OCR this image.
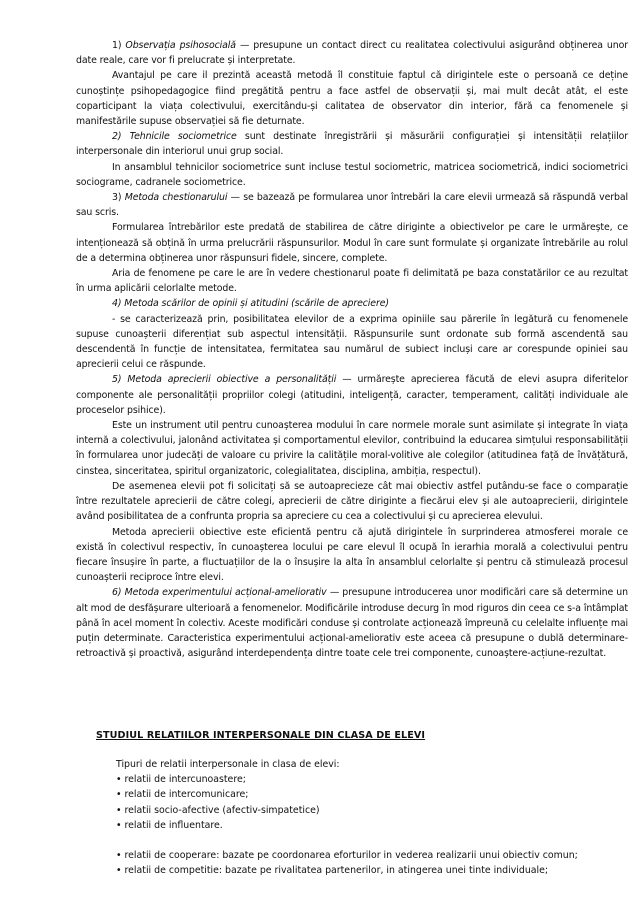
1) Observația psihosocială — presupune un contact direct cu realitatea colectivului asigurând obținerea unor date reale, care vor fi prelucrate și interpretate.

Avantajul pe care il prezintă această metodă îl constituie faptul că dirigintele este o persoană ce deține cunoștințe psihopedagogice fiind pregătită pentru a face astfel de observații și, mai mult decât atât, el este coparticipant la viața colectivului, exercitându-și calitatea de observator din interior, fără ca fenomenele și manifestările supuse observației să fie deturnate.

2) Tehnicile sociometrice sunt destinate înregistrării și măsurării configurației și intensității relațiilor interpersonale din interiorul unui grup social.

In ansamblul tehnicilor sociometrice sunt incluse testul sociometric, matricea sociometrică, indici sociometrici sociograme, cadranele sociometrice.

3) Metoda chestionarului — se bazează pe formularea unor întrebări la care elevii urmează să răspundă verbal sau scris.

Formularea întrebărilor este predată de stabilirea de către diriginte a obiectivelor pe care le urmărește, ce intenționează să obțină în urma prelucrării răspunsurilor. Modul în care sunt formulate și organizate întrebările au rolul de a determina obținerea unor răspunsuri fidele, sincere, complete.

Aria de fenomene pe care le are în vedere chestionarul poate fi delimitată pe baza constatărilor ce au rezultat în urma aplicării celorlalte metode.

4) Metoda scărilor de opinii și atitudini (scările de apreciere)

- se caracterizează prin, posibilitatea elevilor de a exprima opiniile sau părerile în legătură cu fenomenele supuse cunoașterii diferențiat sub aspectul intensității. Răspunsurile sunt ordonate sub formă ascendentă sau descendentă în funcție de intensitatea, fermitatea sau numărul de subiect incluși care ar corespunde opiniei sau aprecierii celui ce răspunde.

5) Metoda aprecierii obiective a personalității — urmărește aprecierea făcută de elevi asupra diferitelor componente ale personalității propriilor colegi (atitudini, inteligență, caracter, temperament, calități individuale ale proceselor psihice).

Este un instrument util pentru cunoașterea modului în care normele morale sunt asimilate și integrate în viața internă a colectivului, jalonând activitatea și comportamentul elevilor, contribuind la educarea simțului responsabilității în formularea unor judecăți de valoare cu privire la calitățile moral-volitive ale colegilor (atitudinea față de învățătură, cinstea, sinceritatea, spiritul organizatoric, colegialitatea, disciplina, ambiția, respectul).

De asemenea elevii pot fi solicitați să se autoaprecieze cât mai obiectiv astfel putându-se face o comparație între rezultatele aprecierii de către colegi, aprecierii de către diriginte a fiecărui elev și ale autoaprecierii, dirigintele având posibilitatea de a confrunta propria sa apreciere cu cea a colectivului și cu aprecierea elevului.

Metoda aprecierii obiective este eficientă pentru că ajută dirigintele în surprinderea atmosferei morale ce există în colectivul respectiv, în cunoașterea locului pe care elevul îl ocupă în ierarhia morală a colectivului pentru fiecare însușire în parte, a fluctuațiilor de la o însușire la alta în ansamblul celorlalte și pentru că stimulează procesul cunoașterii reciproce între elevi.

6) Metoda experimentului acțional-ameliorativ — presupune introducerea unor modificări care să determine un alt mod de desfășurare ulterioară a fenomenelor. Modificările introduse decurg în mod riguros din ceea ce s-a întâmplat până în acel moment în colectiv. Aceste modificări conduse și controlate acționează împreună cu celelalte influențe mai puțin determinate. Caracteristica experimentului acțional-ameliorativ este aceea că presupune o dublă determinare-retroactivă și proactivă, asigurând interdependența dintre toate cele trei componente, cunoaștere-acțiune-rezultat.

STUDIUL RELATIILOR INTERPERSONALE DIN CLASA DE ELEVI
Tipuri de relatii interpersonale in clasa de elevi:
• relatii de intercunoastere;
• relatii de intercomunicare;
• relatii socio-afective (afectiv-simpatetice)
• relatii de influentare.
• relatii de cooperare: bazate pe coordonarea eforturilor in vederea realizarii unui obiectiv comun;
• relatii de competitie: bazate pe rivalitatea partenerilor, in atingerea unei tinte individuale;
